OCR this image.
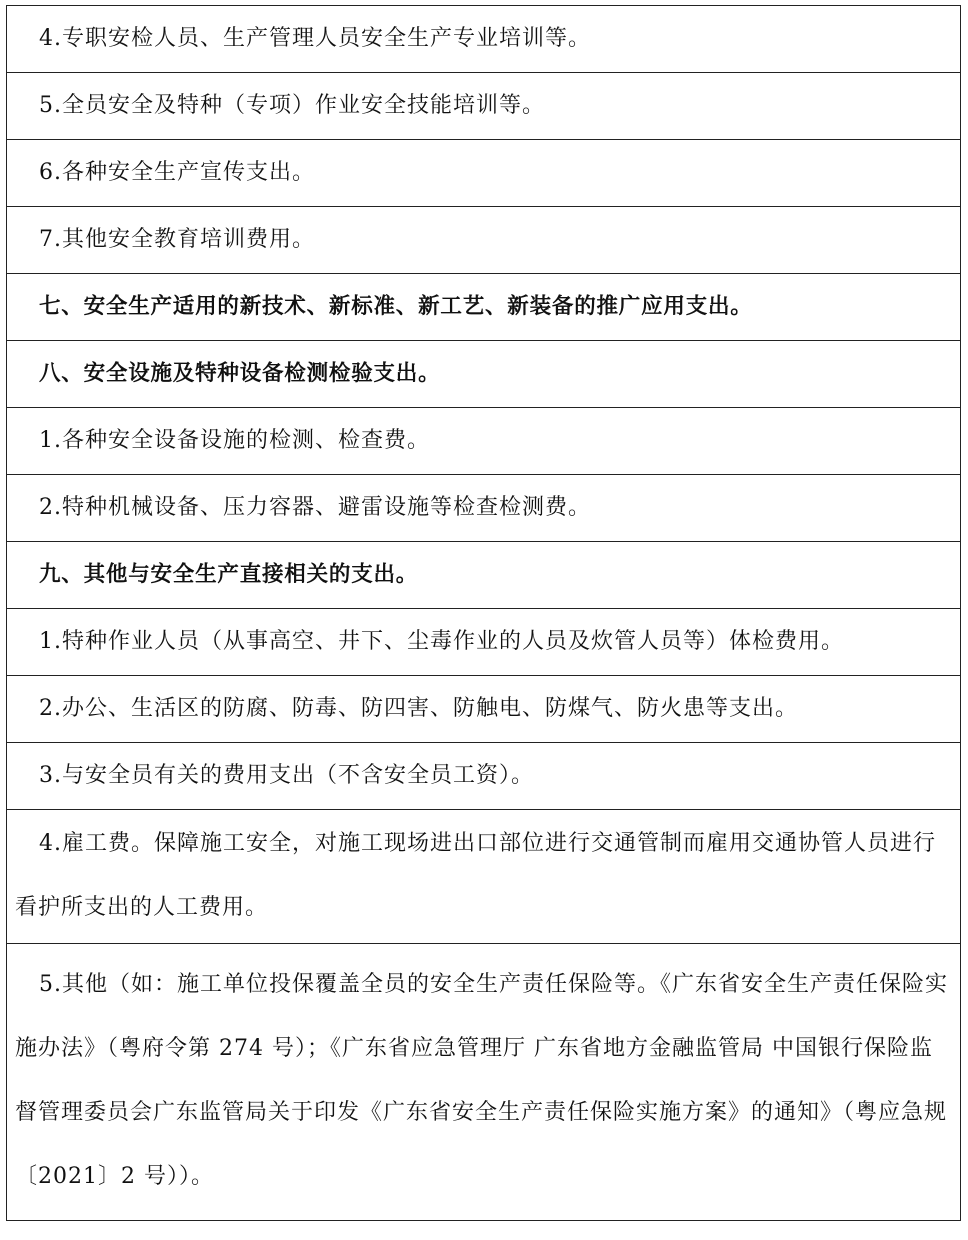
4.专职安检人员、生产管理人员安全生产专业培训等。
5.全员安全及特种（专项）作业安全技能培训等。
6.各种安全生产宣传支出。
7.其他安全教育培训费用。
七、安全生产适用的新技术、新标准、新工艺、新装备的推广应用支出。
八、安全设施及特种设备检测检验支出。
1.各种安全设备设施的检测、检查费。
2.特种机械设备、压力容器、避雷设施等检查检测费。
九、其他与安全生产直接相关的支出。
1.特种作业人员（从事高空、井下、尘毒作业的人员及炊管人员等）体检费用。
2.办公、生活区的防腐、防毒、防四害、防触电、防煤气、防火患等支出。
3.与安全员有关的费用支出（不含安全员工资）。
4.雇工费。保障施工安全，对施工现场进出口部位进行交通管制而雇用交通协管人员进行看护所支出的人工费用。
5.其他（如：施工单位投保覆盖全员的安全生产责任保险等。《广东省安全生产责任保险实施办法》（粤府令第 274 号）；《广东省应急管理厅 广东省地方金融监管局 中国银行保险监督管理委员会广东监管局关于印发《广东省安全生产责任保险实施方案》的通知》（粤应急规〔2021〕2 号））。
